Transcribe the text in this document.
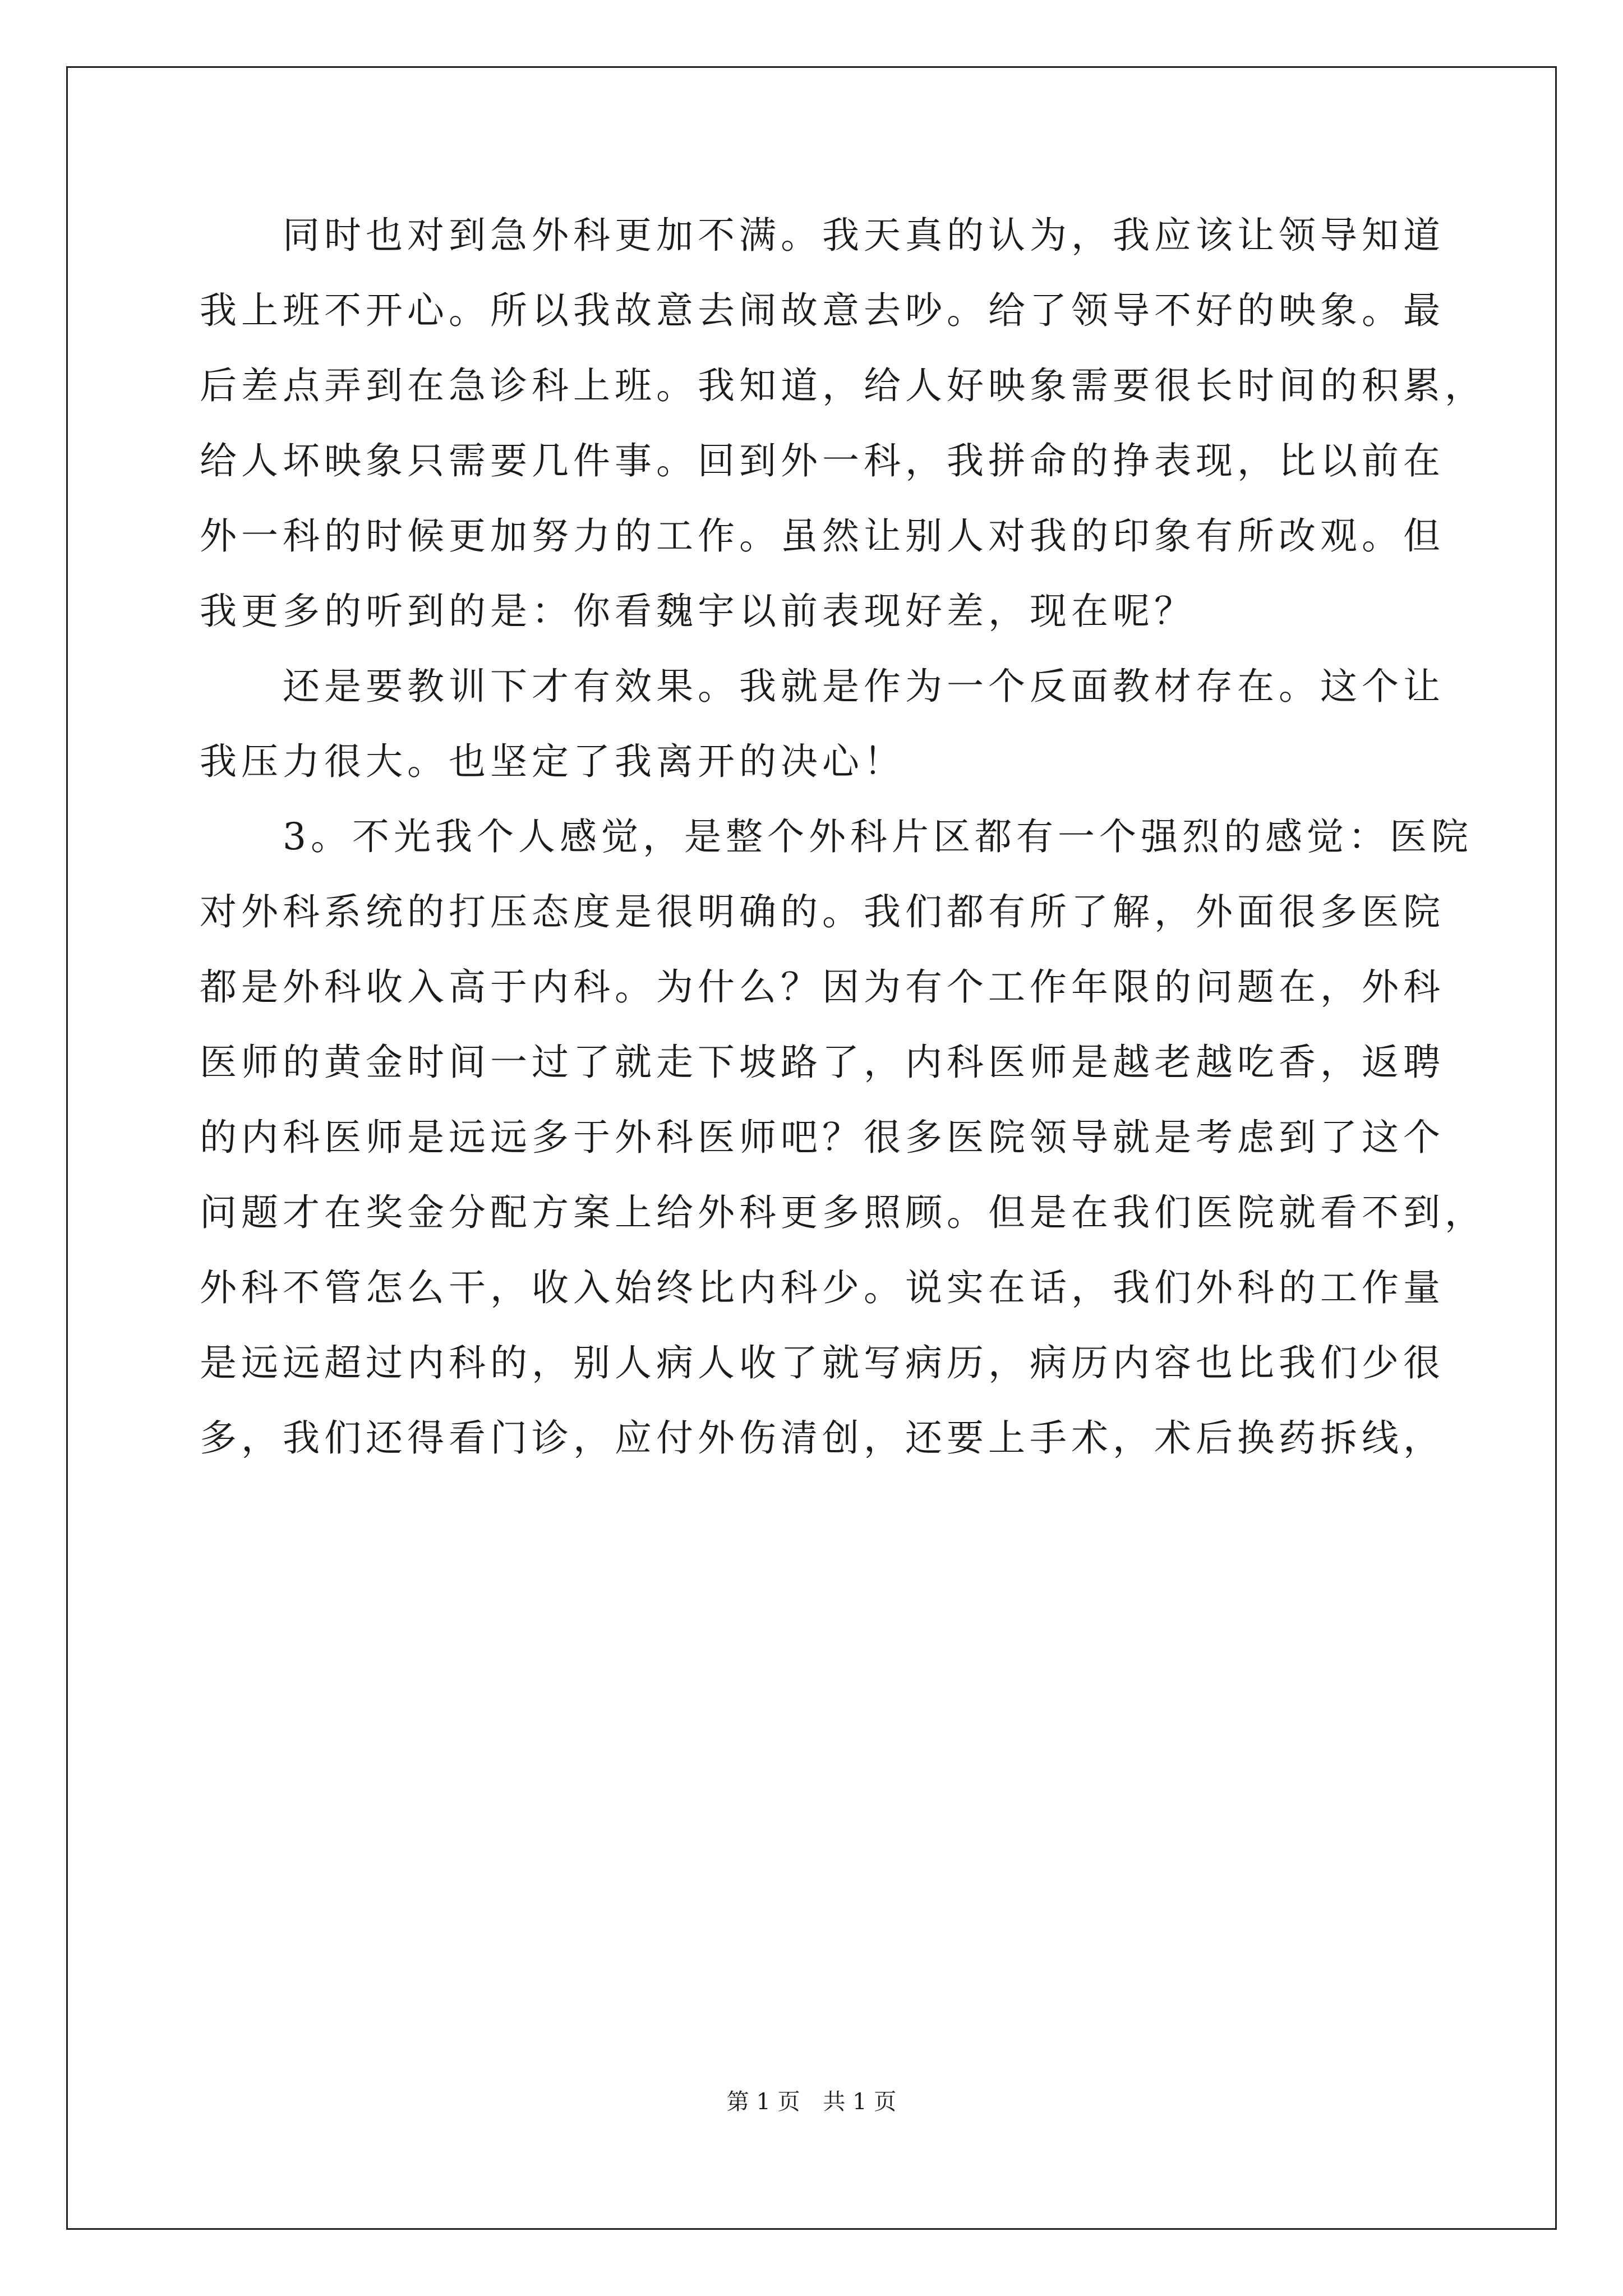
同时也对到急外科更加不满。我天真的认为，我应该让领导知道
我上班不开心。所以我故意去闹故意去吵。给了领导不好的映象。最
后差点弄到在急诊科上班。我知道，给人好映象需要很长时间的积累，
给人坏映象只需要几件事。回到外一科，我拼命的挣表现，比以前在
外一科的时候更加努力的工作。虽然让别人对我的印象有所改观。但
我更多的听到的是：你看魏宇以前表现好差，现在呢？
还是要教训下才有效果。我就是作为一个反面教材存在。这个让
我压力很大。也坚定了我离开的决心！
3。不光我个人感觉，是整个外科片区都有一个强烈的感觉：医院
对外科系统的打压态度是很明确的。我们都有所了解，外面很多医院
都是外科收入高于内科。为什么？因为有个工作年限的问题在，外科
医师的黄金时间一过了就走下坡路了，内科医师是越老越吃香，返聘
的内科医师是远远多于外科医师吧？很多医院领导就是考虑到了这个
问题才在奖金分配方案上给外科更多照顾。但是在我们医院就看不到，
外科不管怎么干，收入始终比内科少。说实在话，我们外科的工作量
是远远超过内科的，别人病人收了就写病历，病历内容也比我们少很
多，我们还得看门诊，应付外伤清创，还要上手术，术后换药拆线，
第 1 页 共 1 页
